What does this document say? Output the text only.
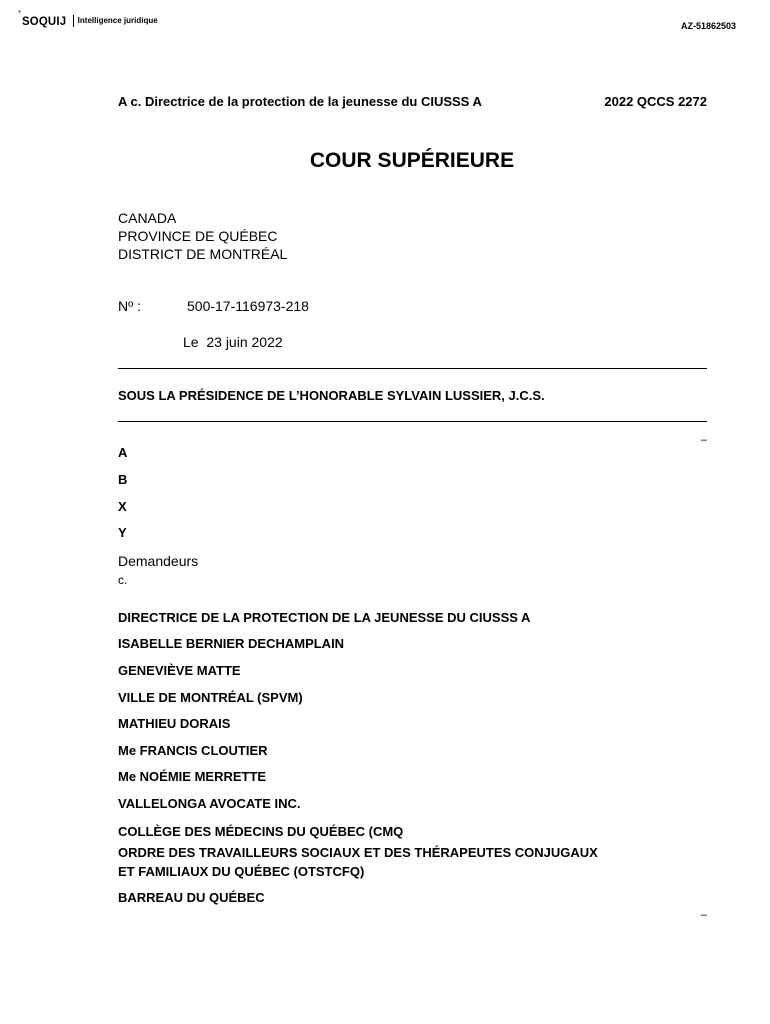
*
SOQUIJ Intelligence juridique
AZ-51862503
A c. Directrice de la protection de la jeunesse du CIUSSS A	2022 QCCS 2272
COUR SUPÉRIEURE
CANADA
PROVINCE DE QUÉBEC
DISTRICT DE MONTRÉAL
Nº :	500-17-116973-218
Le  23 juin 2022
SOUS LA PRÉSIDENCE DE L’HONORABLE SYLVAIN LUSSIER, J.C.S.
–
A
B
X
Y
Demandeurs
c.
DIRECTRICE DE LA PROTECTION DE LA JEUNESSE DU CIUSSS A
ISABELLE BERNIER DECHAMPLAIN
GENEVIÈVE MATTE
VILLE DE MONTRÉAL (SPVM)
MATHIEU DORAIS
Me FRANCIS CLOUTIER
Me NOÉMIE MERRETTE
VALLELONGA AVOCATE INC.
COLLÈGE DES MÉDECINS DU QUÉBEC (CMQ
ORDRE DES TRAVAILLEURS SOCIAUX ET DES THÉRAPEUTES CONJUGAUX
ET FAMILIAUX DU QUÉBEC (OTSTCFQ)
BARREAU DU QUÉBEC
–
